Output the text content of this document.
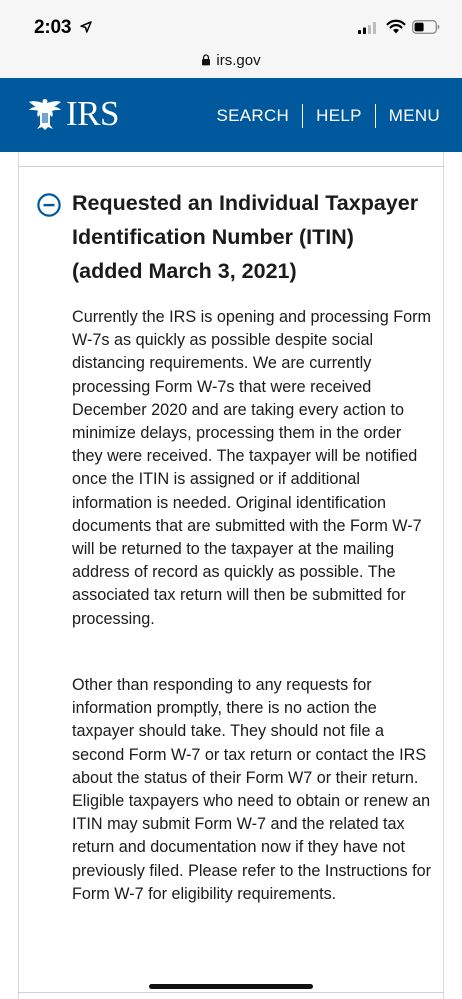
2:03
irs.gov
IRS	SEARCH HELP MENU
Requested an Individual Taxpayer Identification Number (ITIN) (added March 3, 2021)

Currently the IRS is opening and processing Form W-7s as quickly as possible despite social distancing requirements. We are currently processing Form W-7s that were received December 2020 and are taking every action to minimize delays, processing them in the order they were received. The taxpayer will be notified once the ITIN is assigned or if additional information is needed. Original identification documents that are submitted with the Form W-7 will be returned to the taxpayer at the mailing address of record as quickly as possible. The associated tax return will then be submitted for processing.

Other than responding to any requests for information promptly, there is no action the taxpayer should take. They should not file a second Form W-7 or tax return or contact the IRS about the status of their Form W7 or their return. Eligible taxpayers who need to obtain or renew an ITIN may submit Form W-7 and the related tax return and documentation now if they have not previously filed. Please refer to the Instructions for Form W-7 for eligibility requirements.
